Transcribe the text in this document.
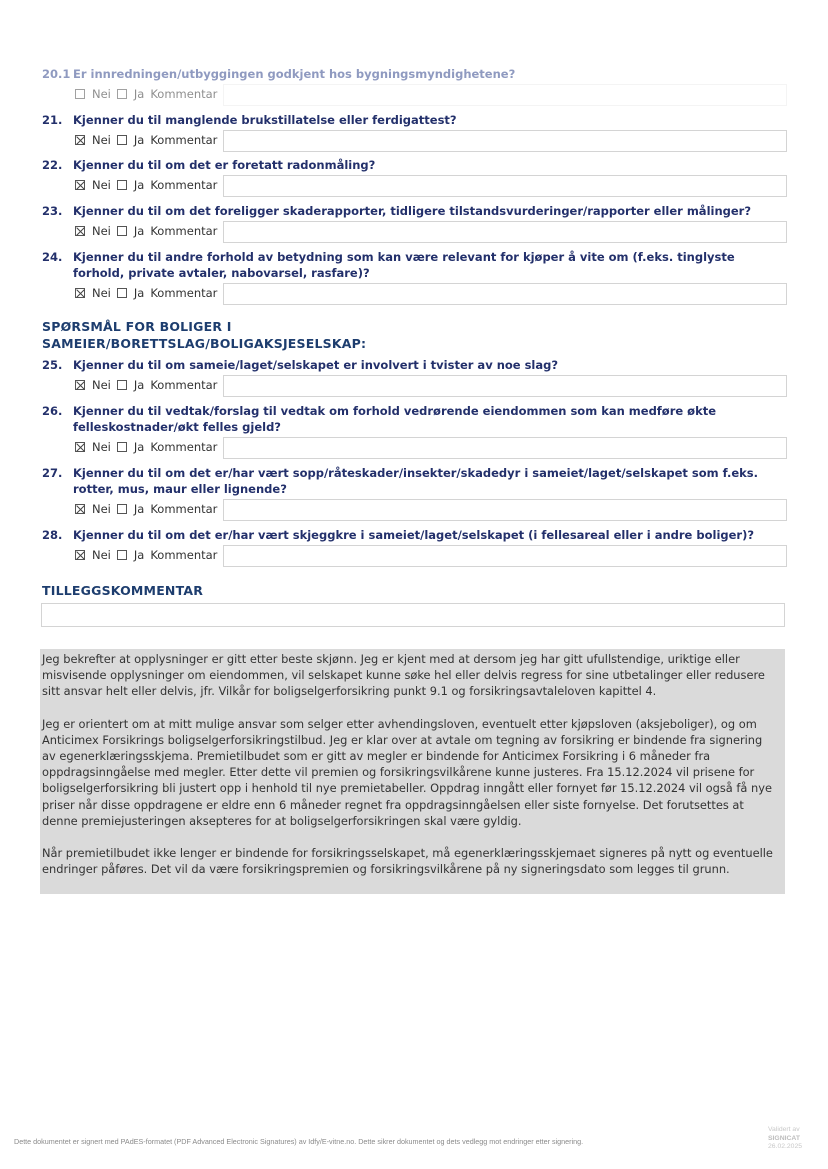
20.1 Er innredningen/utbyggingen godkjent hos bygningsmyndighetene?
Nei Ja Kommentar
21. Kjenner du til manglende brukstillatelse eller ferdigattest?
Nei Ja Kommentar
22. Kjenner du til om det er foretatt radonmåling?
Nei Ja Kommentar
23. Kjenner du til om det foreligger skaderapporter, tidligere tilstandsvurderinger/rapporter eller målinger?
Nei Ja Kommentar
24. Kjenner du til andre forhold av betydning som kan være relevant for kjøper å vite om (f.eks. tinglyste forhold, private avtaler, nabovarsel, rasfare)?
Nei Ja Kommentar
SPØRSMÅL FOR BOLIGER I
SAMEIER/BORETTSLAG/BOLIGAKSJESELSKAP:
25. Kjenner du til om sameie/laget/selskapet er involvert i tvister av noe slag?
Nei Ja Kommentar
26. Kjenner du til vedtak/forslag til vedtak om forhold vedrørende eiendommen som kan medføre økte felleskostnader/økt felles gjeld?
Nei Ja Kommentar
27. Kjenner du til om det er/har vært sopp/råteskader/insekter/skadedyr i sameiet/laget/selskapet som f.eks. rotter, mus, maur eller lignende?
Nei Ja Kommentar
28. Kjenner du til om det er/har vært skjeggkre i sameiet/laget/selskapet (i fellesareal eller i andre boliger)?
Nei Ja Kommentar
TILLEGGSKOMMENTAR

Jeg bekrefter at opplysninger er gitt etter beste skjønn. Jeg er kjent med at dersom jeg har gitt ufullstendige, uriktige eller misvisende opplysninger om eiendommen, vil selskapet kunne søke hel eller delvis regress for sine utbetalinger eller redusere sitt ansvar helt eller delvis, jfr. Vilkår for boligselgerforsikring punkt 9.1 og forsikringsavtaleloven kapittel 4.

Jeg er orientert om at mitt mulige ansvar som selger etter avhendingsloven, eventuelt etter kjøpsloven (aksjeboliger), og om Anticimex Forsikrings boligselgerforsikringstilbud. Jeg er klar over at avtale om tegning av forsikring er bindende fra signering av egenerklæringsskjema. Premietilbudet som er gitt av megler er bindende for Anticimex Forsikring i 6 måneder fra oppdragsinngåelse med megler. Etter dette vil premien og forsikringsvilkårene kunne justeres. Fra 15.12.2024 vil prisene for boligselgerforsikring bli justert opp i henhold til nye premietabeller. Oppdrag inngått eller fornyet før 15.12.2024 vil også få nye priser når disse oppdragene er eldre enn 6 måneder regnet fra oppdragsinngåelsen eller siste fornyelse. Det forutsettes at denne premiejusteringen aksepteres for at boligselgerforsikringen skal være gyldig.

Når premietilbudet ikke lenger er bindende for forsikringsselskapet, må egenerklæringsskjemaet signeres på nytt og eventuelle endringer påføres. Det vil da være forsikringspremien og forsikringsvilkårene på ny signeringsdato som legges til grunn.

Dette dokumentet er signert med PAdES-formatet (PDF Advanced Electronic Signatures) av Idfy/E-vitne.no. Dette sikrer dokumentet og dets vedlegg mot endringer etter signering.
Validert av
SIGNICAT
26.02.2025
